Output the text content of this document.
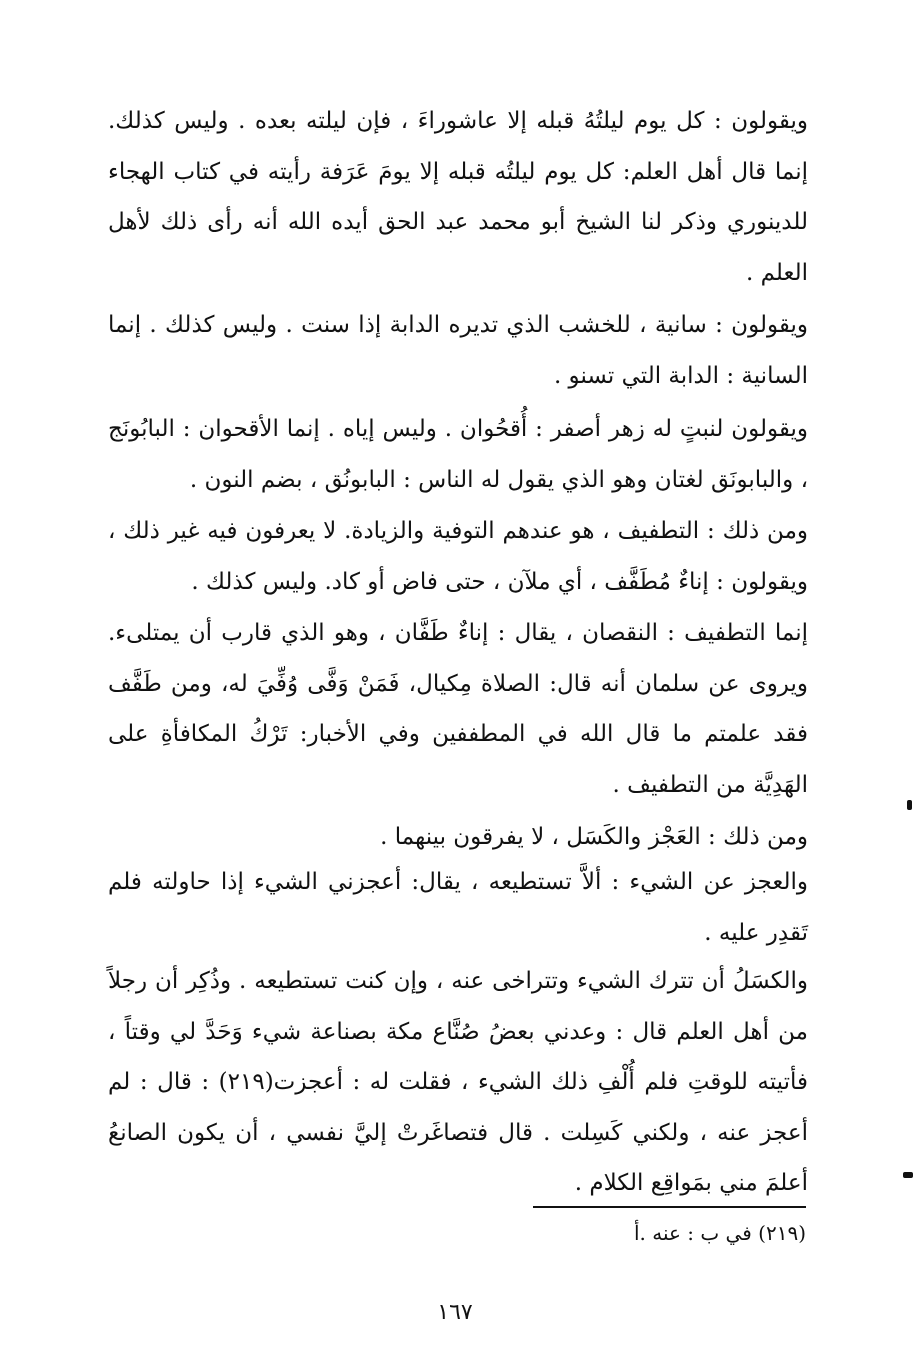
ويقولون : كل يوم ليلتُهُ قبله إلا عاشوراءَ ، فإن ليلته بعده . وليس كذلك. إنما قال أهل العلم: كل يوم ليلتُه قبله إلا يومَ عَرَفة رأيته في كتاب الهجاء للدينوري وذكر لنا الشيخ أبو محمد عبد الحق أيده الله أنه رأى ذلك لأهل العلم .
ويقولون : سانية ، للخشب الذي تديره الدابة إذا سنت . وليس كذلك . إنما السانية : الدابة التي تسنو .
ويقولون لنبتٍ له زهر أصفر : أُقحُوان . وليس إياه . إنما الأقحوان : البابُونَج ، والبابونَق لغتان وهو الذي يقول له الناس : البابونُق ، بضم النون .
ومن ذلك : التطفيف ، هو عندهم التوفية والزيادة. لا يعرفون فيه غير ذلك ، ويقولون : إناءٌ مُطَفَّف ، أي ملآن ، حتى فاض أو كاد. وليس كذلك .
إنما التطفيف : النقصان ، يقال : إناءٌ طَفَّان ، وهو الذي قارب أن يمتلىء. ويروى عن سلمان أنه قال: الصلاة مِكيال، فَمَنْ وَفَّى وُفِّيَ له، ومن طَفَّف فقد علمتم ما قال الله في المطففين وفي الأخبار: تَرْكُ المكافأةِ على الهَدِيَّة من التطفيف .
ومن ذلك : العَجْز والكَسَل ، لا يفرقون بينهما .
والعجز عن الشيء : ألاَّ تستطيعه ، يقال: أعجزني الشيء إذا حاولته فلم تَقدِر عليه .
والكسَلُ أن تترك الشيء وتتراخى عنه ، وإن كنت تستطيعه . وذُكِر أن رجلاً من أهل العلم قال : وعدني بعضُ صُنَّاع مكة بصناعة شيء وَحَدَّ لي وقتاً ، فأتيته للوقتِ فلم أُلْفِ ذلك الشيء ، فقلت له : أعجزت(٢١٩) : قال : لم أعجز عنه ، ولكني كَسِلت . قال فتصاغَرتْ إليَّ نفسي ، أن يكون الصانعُ أعلمَ مني بمَواقِع الكلام .
(٢١٩) في ب : عنه .أ
١٦٧
